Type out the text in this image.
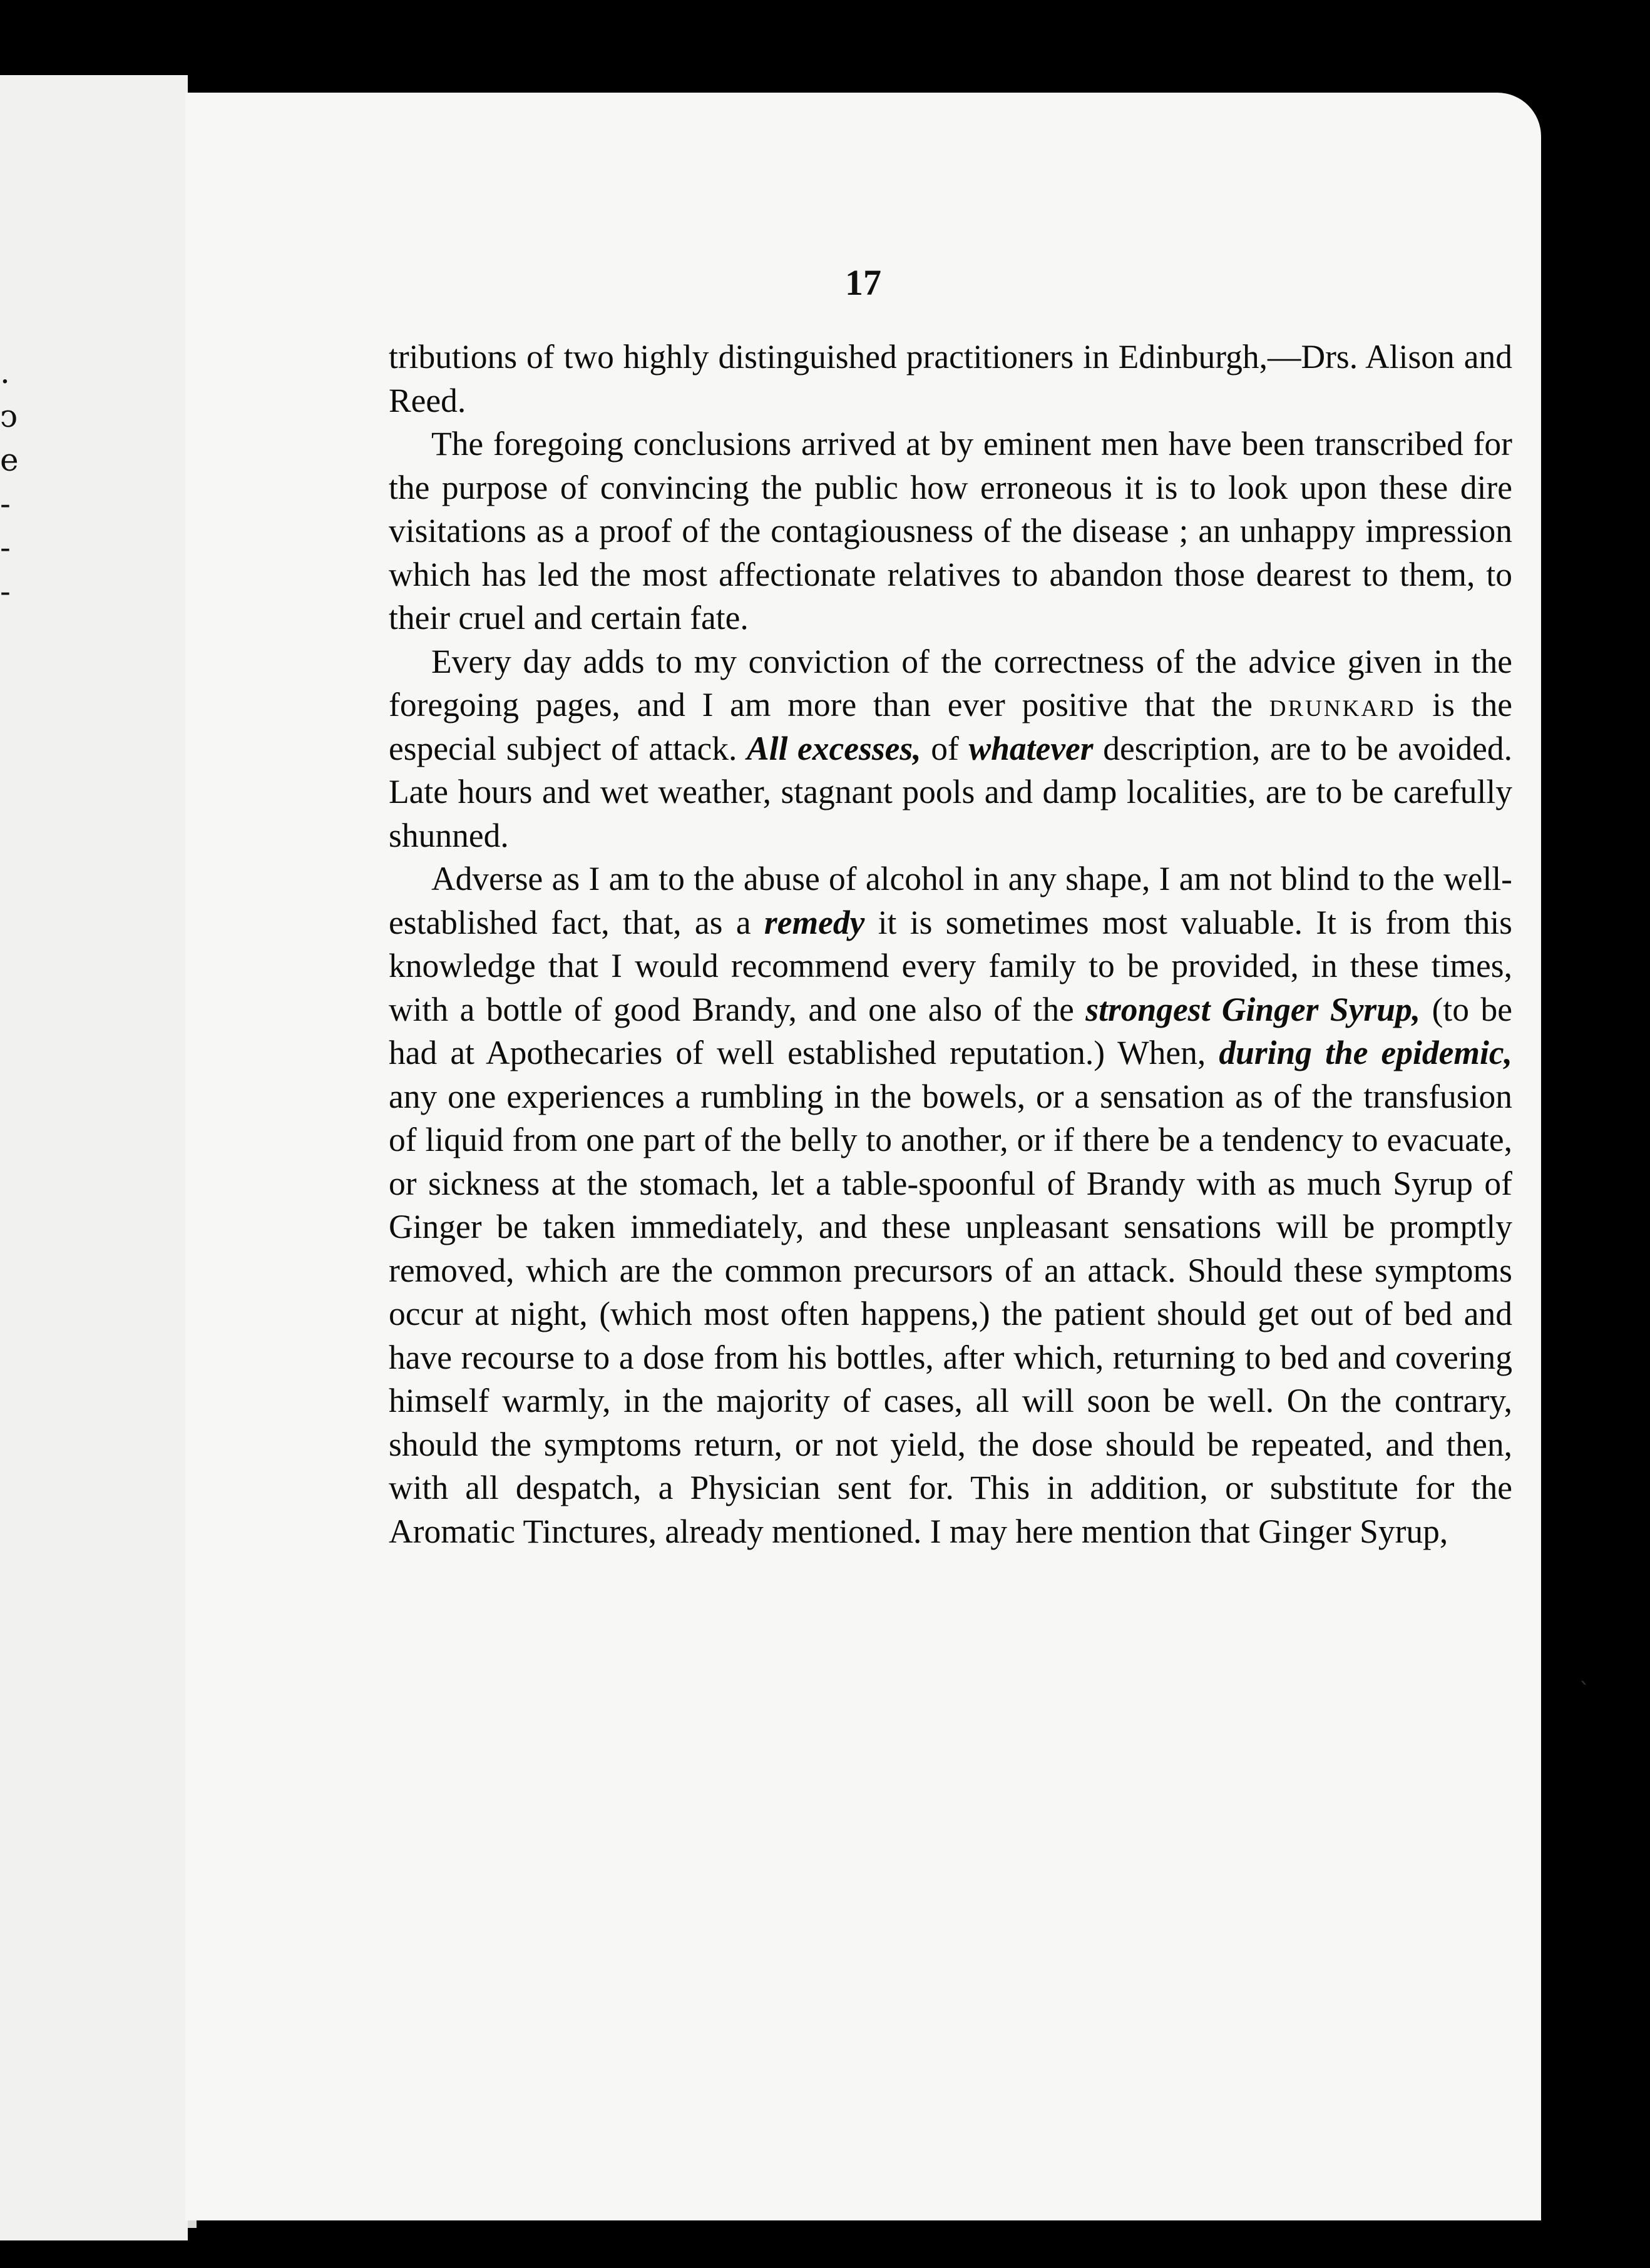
.
ↄ
e
-
-
-

17

tributions of two highly distinguished practitioners in Edinburgh,—Drs. Alison and Reed.

The foregoing conclusions arrived at by eminent men have been transcribed for the purpose of convincing the public how erroneous it is to look upon these dire visitations as a proof of the contagiousness of the disease ; an unhappy impression which has led the most affectionate relatives to abandon those dearest to them, to their cruel and certain fate.

Every day adds to my conviction of the correctness of the advice given in the foregoing pages, and I am more than ever positive that the drunkard is the especial subject of attack. All excesses, of whatever description, are to be avoided. Late hours and wet weather, stagnant pools and damp localities, are to be carefully shunned.

Adverse as I am to the abuse of alcohol in any shape, I am not blind to the well-established fact, that, as a remedy it is sometimes most valuable. It is from this knowledge that I would recommend every family to be provided, in these times, with a bottle of good Brandy, and one also of the strongest Ginger Syrup, (to be had at Apothecaries of well established reputation.) When, during the epidemic, any one experiences a rumbling in the bowels, or a sensation as of the transfusion of liquid from one part of the belly to another, or if there be a tendency to evacuate, or sickness at the stomach, let a table-spoonful of Brandy with as much Syrup of Ginger be taken immediately, and these unpleasant sensations will be promptly removed, which are the common precursors of an attack. Should these symptoms occur at night, (which most often happens,) the patient should get out of bed and have recourse to a dose from his bottles, after which, returning to bed and covering himself warmly, in the majority of cases, all will soon be well. On the contrary, should the symptoms return, or not yield, the dose should be repeated, and then, with all despatch, a Physician sent for. This in addition, or substitute for the Aromatic Tinctures, already mentioned. I may here mention that Ginger Syrup,

`
